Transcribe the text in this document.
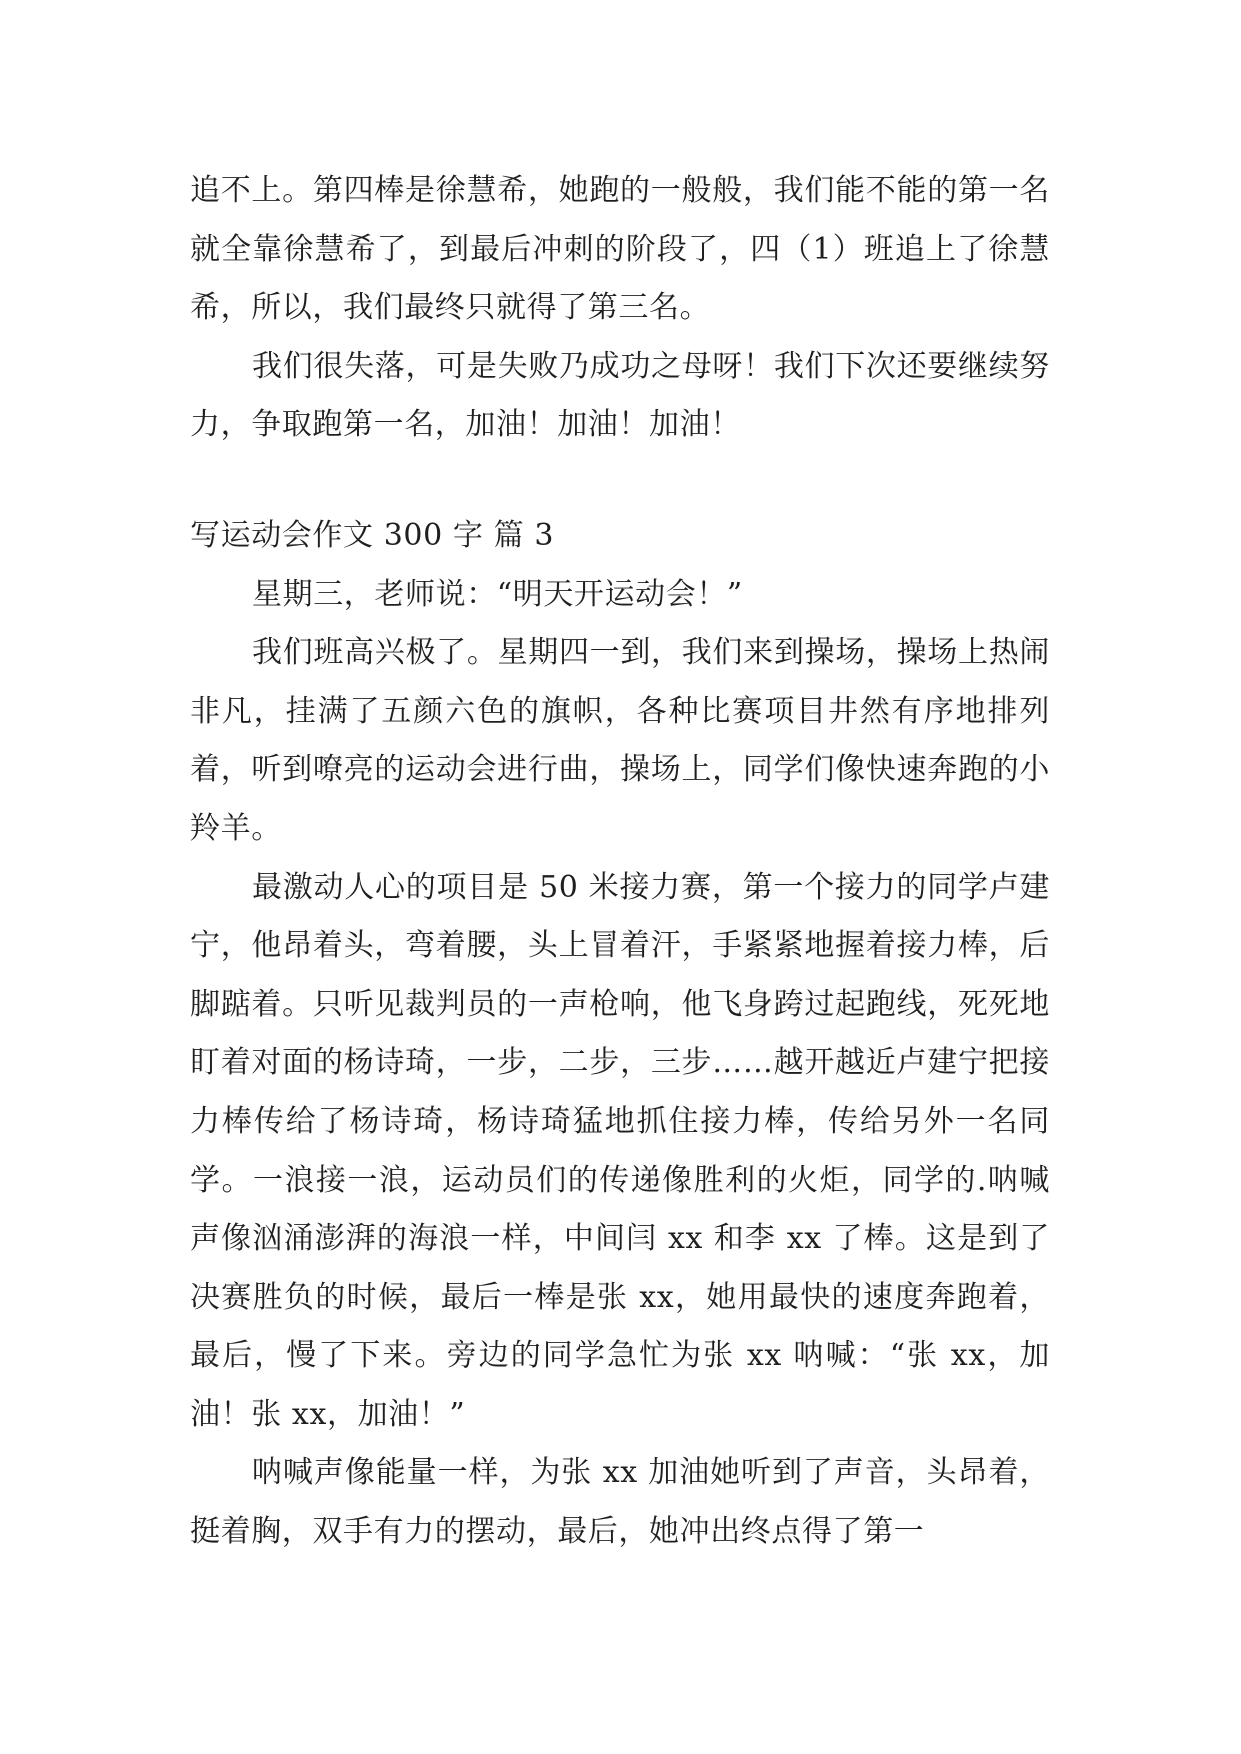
追不上。第四棒是徐慧希，她跑的一般般，我们能不能的第一名就全靠徐慧希了，到最后冲刺的阶段了，四（1）班追上了徐慧希，所以，我们最终只就得了第三名。

我们很失落，可是失败乃成功之母呀！我们下次还要继续努力，争取跑第一名，加油！加油！加油！

写运动会作文 300 字 篇 3

星期三，老师说：“明天开运动会！”

我们班高兴极了。星期四一到，我们来到操场，操场上热闹非凡，挂满了五颜六色的旗帜，各种比赛项目井然有序地排列着，听到嘹亮的运动会进行曲，操场上，同学们像快速奔跑的小羚羊。

最激动人心的项目是 50 米接力赛，第一个接力的同学卢建宁，他昂着头，弯着腰，头上冒着汗，手紧紧地握着接力棒，后脚踮着。只听见裁判员的一声枪响，他飞身跨过起跑线，死死地盯着对面的杨诗琦，一步，二步，三步……越开越近卢建宁把接力棒传给了杨诗琦，杨诗琦猛地抓住接力棒，传给另外一名同学。一浪接一浪，运动员们的传递像胜利的火炬，同学的.呐喊声像汹涌澎湃的海浪一样，中间闫 xx 和李 xx 了棒。这是到了决赛胜负的时候，最后一棒是张 xx，她用最快的速度奔跑着，最后，慢了下来。旁边的同学急忙为张 xx 呐喊：“张 xx，加油！张 xx，加油！”

呐喊声像能量一样，为张 xx 加油她听到了声音，头昂着，挺着胸，双手有力的摆动，最后，她冲出终点得了第一
